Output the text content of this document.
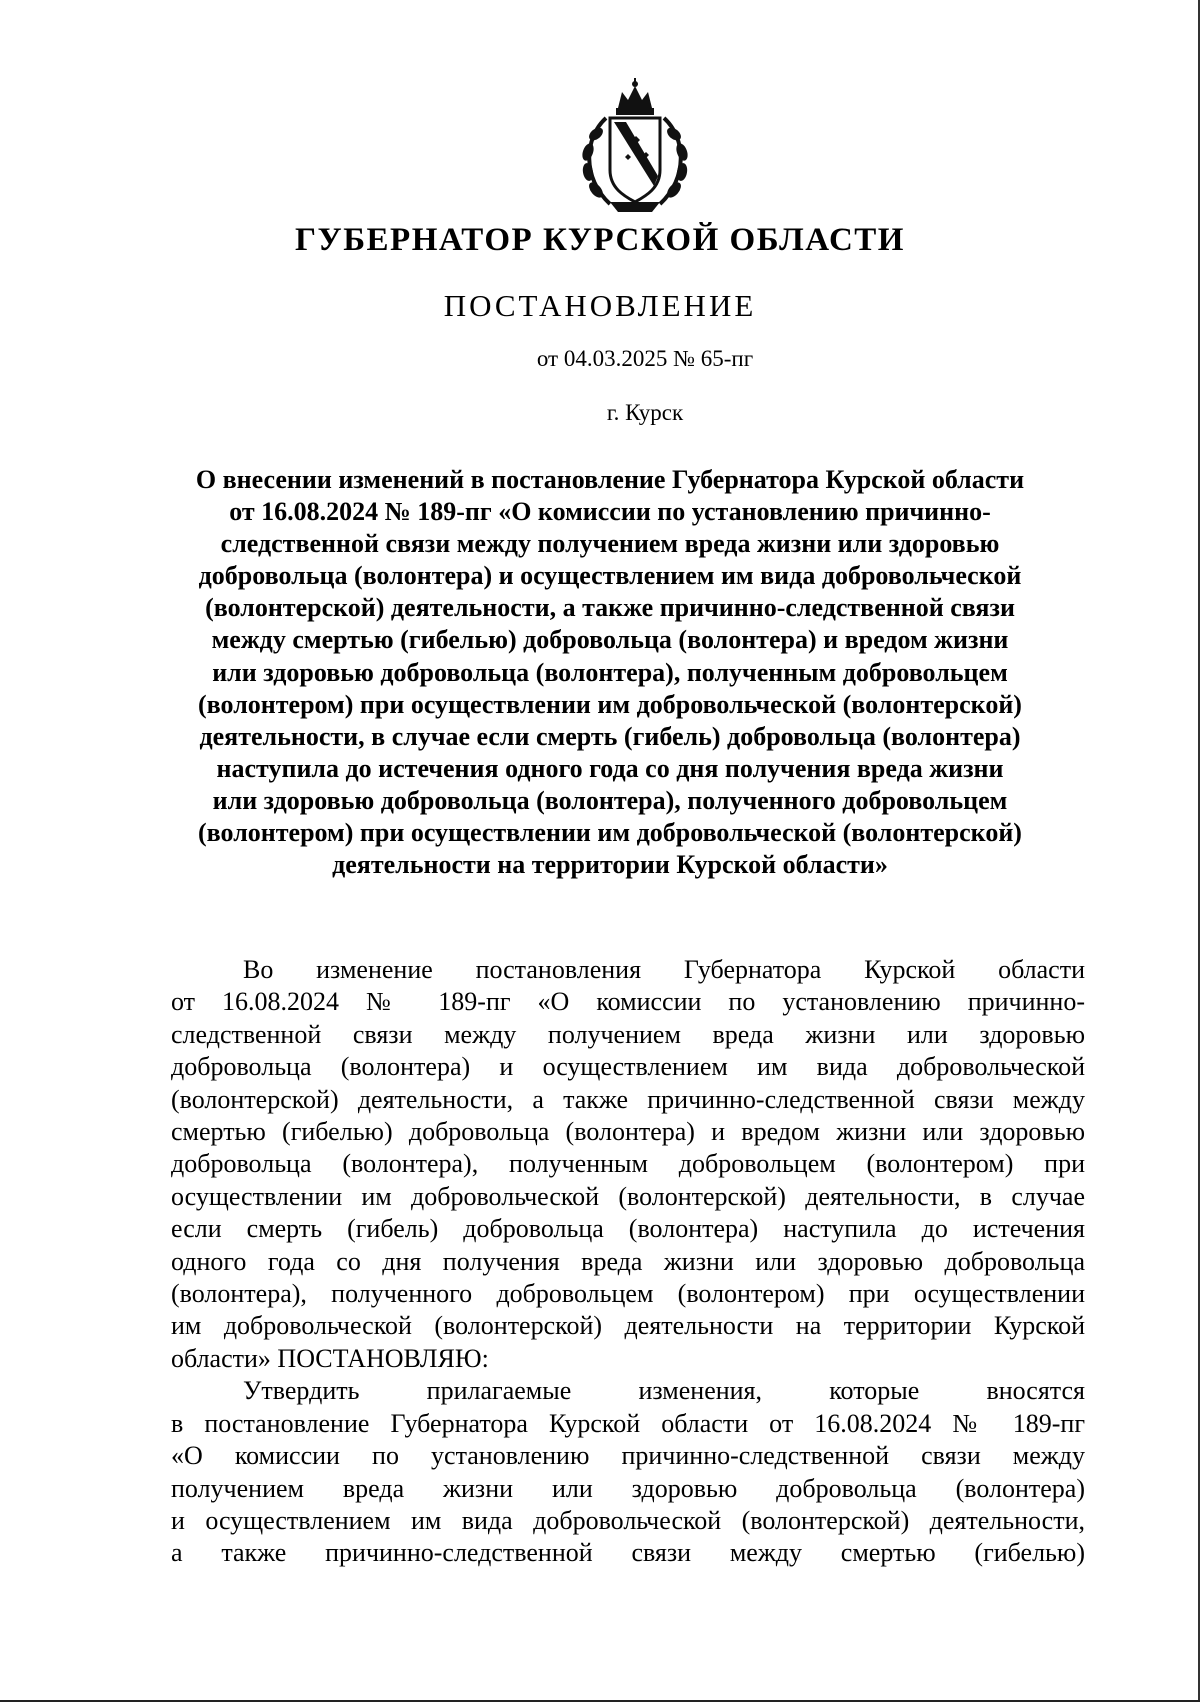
ГУБЕРНАТОР КУРСКОЙ ОБЛАСТИ
ПОСТАНОВЛЕНИЕ
от 04.03.2025 № 65-пг
г. Курск
О внесении изменений в постановление Губернатора Курской области
от 16.08.2024 № 189-пг «О комиссии по установлению причинно-
следственной связи между получением вреда жизни или здоровью
добровольца (волонтера) и осуществлением им вида добровольческой
(волонтерской) деятельности, а также причинно-следственной связи
между смертью (гибелью) добровольца (волонтера) и вредом жизни
или здоровью добровольца (волонтера), полученным добровольцем
(волонтером) при осуществлении им добровольческой (волонтерской)
деятельности, в случае если смерть (гибель) добровольца (волонтера)
наступила до истечения одного года со дня получения вреда жизни
или здоровью добровольца (волонтера), полученного добровольцем
(волонтером) при осуществлении им добровольческой (волонтерской)
деятельности на территории Курской области»
Во изменение постановления Губернатора Курской области
от 16.08.2024 № 189-пг «О комиссии по установлению причинно-
следственной связи между получением вреда жизни или здоровью
добровольца (волонтера) и осуществлением им вида добровольческой
(волонтерской) деятельности, а также причинно-следственной связи между
смертью (гибелью) добровольца (волонтера) и вредом жизни или здоровью
добровольца (волонтера), полученным добровольцем (волонтером) при
осуществлении им добровольческой (волонтерской) деятельности, в случае
если смерть (гибель) добровольца (волонтера) наступила до истечения
одного года со дня получения вреда жизни или здоровью добровольца
(волонтера), полученного добровольцем (волонтером) при осуществлении
им добровольческой (волонтерской) деятельности на территории Курской
области» ПОСТАНОВЛЯЮ:
Утвердить прилагаемые изменения, которые вносятся
в постановление Губернатора Курской области от 16.08.2024 № 189-пг
«О комиссии по установлению причинно-следственной связи между
получением вреда жизни или здоровью добровольца (волонтера)
и осуществлением им вида добровольческой (волонтерской) деятельности,
а также причинно-следственной связи между смертью (гибелью)
